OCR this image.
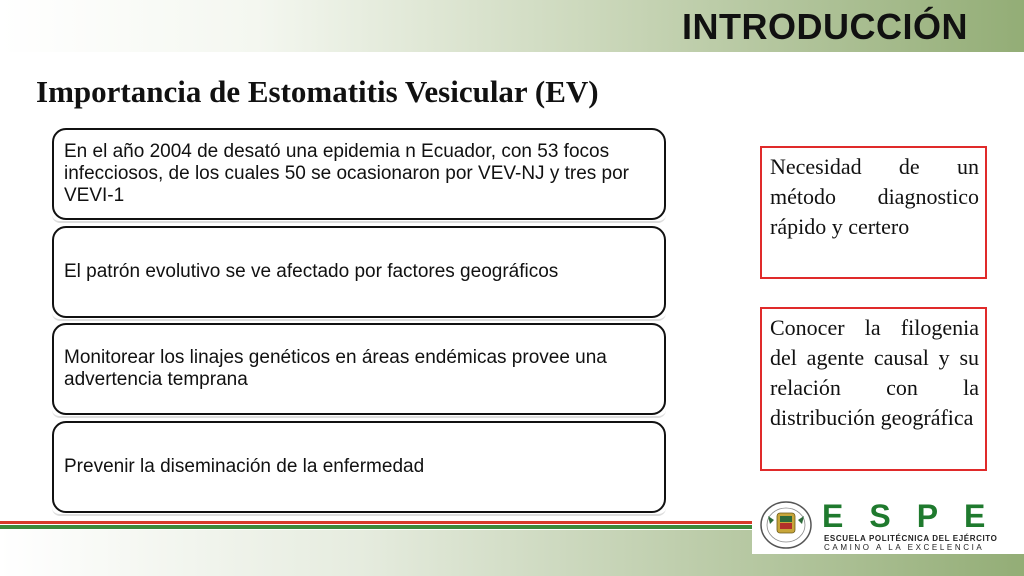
INTRODUCCIÓN
Importancia de Estomatitis Vesicular (EV)
En el año 2004 de desató una epidemia n Ecuador, con 53 focos infecciosos, de los cuales 50 se ocasionaron por VEV-NJ y tres por VEVI-1
El patrón evolutivo se ve afectado por factores geográficos
Monitorear los linajes genéticos en áreas endémicas provee una advertencia temprana
Prevenir la diseminación de la enfermedad
Necesidad de un método diagnostico rápido y certero
Conocer la filogenia del agente causal y su relación con la distribución geográfica
ESPE
ESCUELA POLITÉCNICA DEL EJÉRCITO
CAMINO A LA EXCELENCIA
